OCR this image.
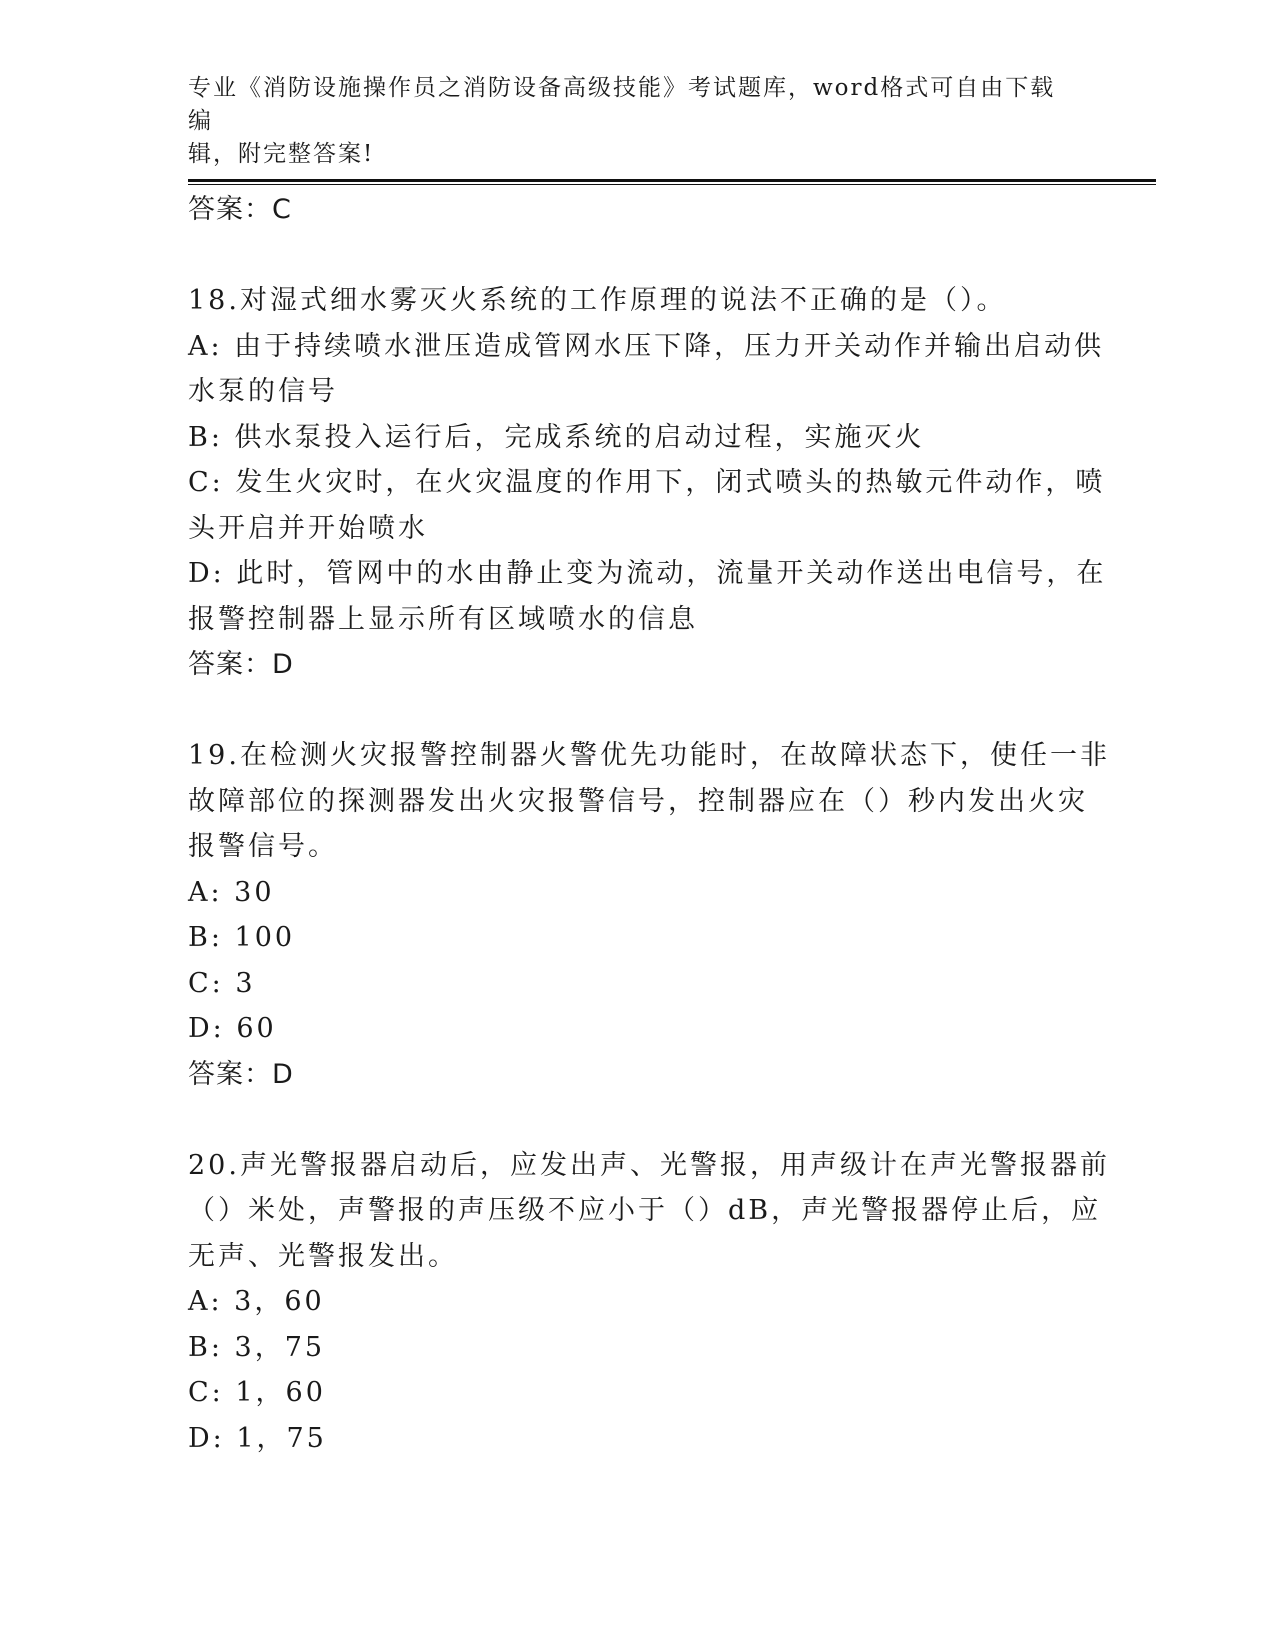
专业《消防设施操作员之消防设备高级技能》考试题库，word格式可自由下载编
辑，附完整答案!
答案：C
18.对湿式细水雾灭火系统的工作原理的说法不正确的是（）。
A: 由于持续喷水泄压造成管网水压下降，压力开关动作并输出启动供
水泵的信号
B: 供水泵投入运行后，完成系统的启动过程，实施灭火
C: 发生火灾时，在火灾温度的作用下，闭式喷头的热敏元件动作，喷
头开启并开始喷水
D: 此时，管网中的水由静止变为流动，流量开关动作送出电信号，在
报警控制器上显示所有区域喷水的信息
答案：D
19.在检测火灾报警控制器火警优先功能时，在故障状态下，使任一非
故障部位的探测器发出火灾报警信号，控制器应在（）秒内发出火灾
报警信号。
A: 30
B: 100
C: 3
D: 60
答案：D
20.声光警报器启动后，应发出声、光警报，用声级计在声光警报器前
（）米处，声警报的声压级不应小于（）dB，声光警报器停止后，应
无声、光警报发出。
A: 3，60
B: 3，75
C: 1，60
D: 1，75
